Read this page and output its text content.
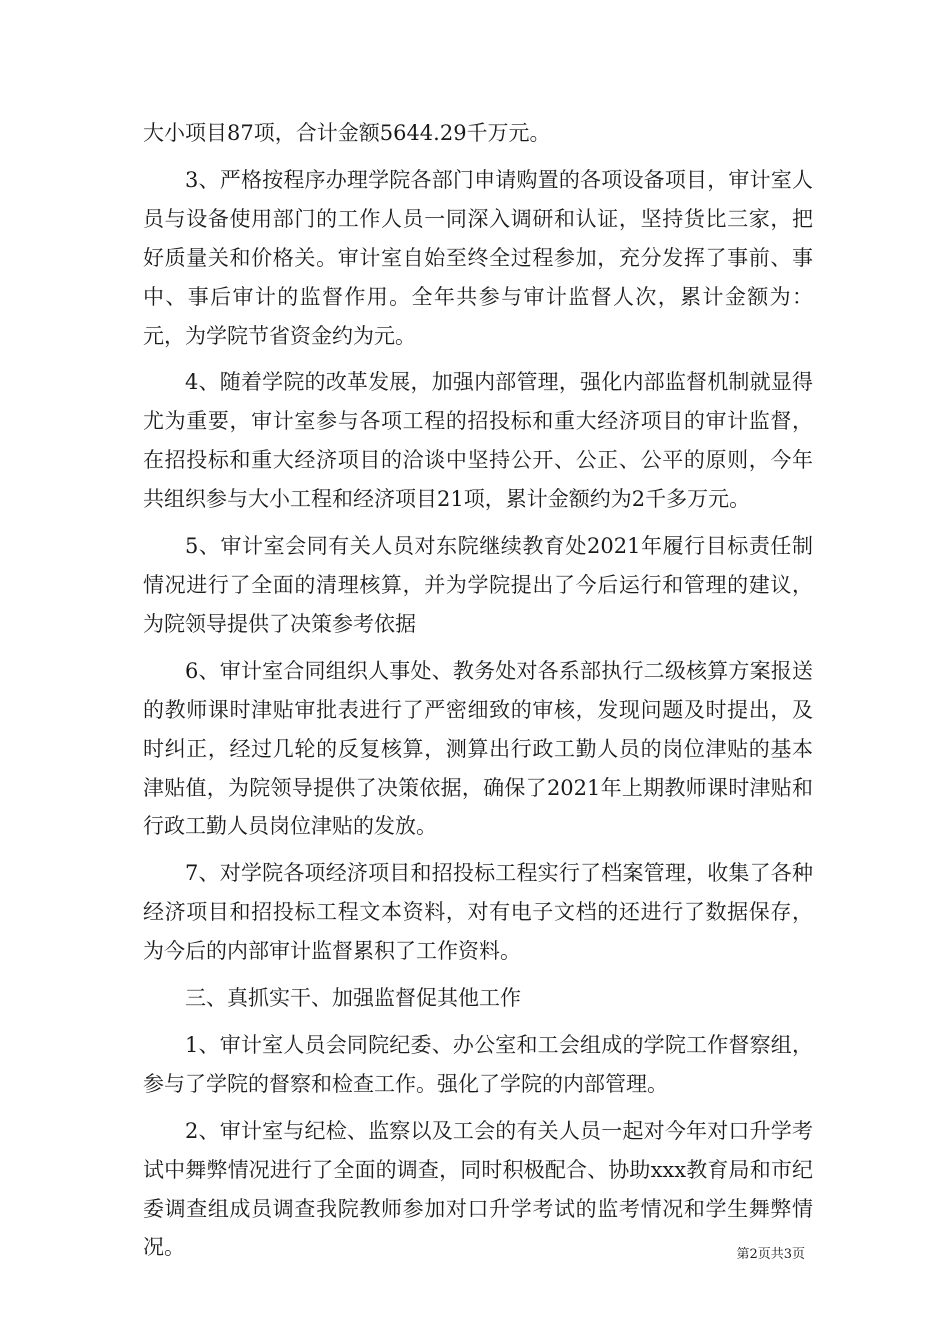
大小项目87项，合计金额5644.29千万元。

3、严格按程序办理学院各部门申请购置的各项设备项目，审计室人员与设备使用部门的工作人员一同深入调研和认证，坚持货比三家，把好质量关和价格关。审计室自始至终全过程参加，充分发挥了事前、事中、事后审计的监督作用。全年共参与审计监督人次，累计金额为：元，为学院节省资金约为元。

4、随着学院的改革发展，加强内部管理，强化内部监督机制就显得尤为重要，审计室参与各项工程的招投标和重大经济项目的审计监督，在招投标和重大经济项目的洽谈中坚持公开、公正、公平的原则，今年共组织参与大小工程和经济项目21项，累计金额约为2千多万元。

5、审计室会同有关人员对东院继续教育处2021年履行目标责任制情况进行了全面的清理核算，并为学院提出了今后运行和管理的建议，为院领导提供了决策参考依据

6、审计室合同组织人事处、教务处对各系部执行二级核算方案报送的教师课时津贴审批表进行了严密细致的审核，发现问题及时提出，及时纠正，经过几轮的反复核算，测算出行政工勤人员的岗位津贴的基本津贴值，为院领导提供了决策依据，确保了2021年上期教师课时津贴和行政工勤人员岗位津贴的发放。

7、对学院各项经济项目和招投标工程实行了档案管理，收集了各种经济项目和招投标工程文本资料，对有电子文档的还进行了数据保存，为今后的内部审计监督累积了工作资料。

三、真抓实干、加强监督促其他工作

1、审计室人员会同院纪委、办公室和工会组成的学院工作督察组，参与了学院的督察和检查工作。强化了学院的内部管理。

2、审计室与纪检、监察以及工会的有关人员一起对今年对口升学考试中舞弊情况进行了全面的调查，同时积极配合、协助xxx教育局和市纪委调查组成员调查我院教师参加对口升学考试的监考情况和学生舞弊情况。	第2页共3页
